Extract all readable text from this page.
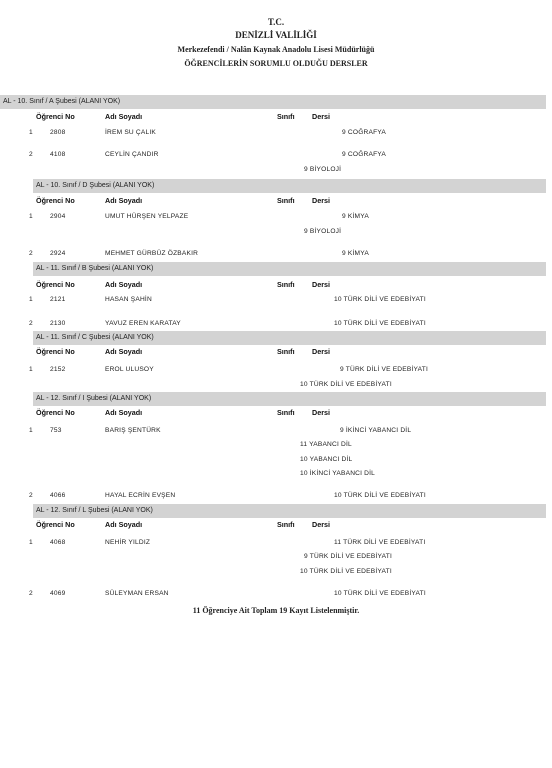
T.C.
DENİZLİ VALİLİĞİ
Merkezefendi / Nalân Kaynak Anadolu Lisesi Müdürlüğü
ÖĞRENCİLERİN SORUMLU OLDUĞU DERSLER
AL - 10. Sınıf / A Şubesi (ALANI YOK)
Öğrenci No	Adı Soyadı	Sınıfı Dersi
1	2808	İREM SU ÇALIK	9 COĞRAFYA
2	4108	CEYLİN ÇANDIR	9 COĞRAFYA
9 BİYOLOJİ
AL - 10. Sınıf / D Şubesi (ALANI YOK)
Öğrenci No	Adı Soyadı	Sınıfı Dersi
1	2904	UMUT HÜRŞEN YELPAZE	9 KİMYA
9 BİYOLOJİ
2	2924	MEHMET GÜRBÜZ ÖZBAKIR	9 KİMYA
AL - 11. Sınıf / B Şubesi (ALANI YOK)
Öğrenci No	Adı Soyadı	Sınıfı Dersi
1	2121	HASAN ŞAHİN	10 TÜRK DİLİ VE EDEBİYATI
2	2130	YAVUZ EREN KARATAY	10 TÜRK DİLİ VE EDEBİYATI
AL - 11. Sınıf / C Şubesi (ALANI YOK)
Öğrenci No	Adı Soyadı	Sınıfı Dersi
1	2152	EROL ULUSOY	9 TÜRK DİLİ VE EDEBİYATI
10 TÜRK DİLİ VE EDEBİYATI
AL - 12. Sınıf / I Şubesi (ALANI YOK)
Öğrenci No	Adı Soyadı	Sınıfı Dersi
1	753	BARIŞ ŞENTÜRK	9 İKİNCİ YABANCI DİL
11 YABANCI DİL
10 YABANCI DİL
10 İKİNCİ YABANCI DİL
2	4066	HAYAL ECRİN EVŞEN	10 TÜRK DİLİ VE EDEBİYATI
AL - 12. Sınıf / L Şubesi (ALANI YOK)
Öğrenci No	Adı Soyadı	Sınıfı Dersi
1	4068	NEHİR YILDIZ	11 TÜRK DİLİ VE EDEBİYATI
9 TÜRK DİLİ VE EDEBİYATI
10 TÜRK DİLİ VE EDEBİYATI
2	4069	SÜLEYMAN ERSAN	10 TÜRK DİLİ VE EDEBİYATI
11 Öğrenciye Ait Toplam 19 Kayıt Listelenmiştir.
